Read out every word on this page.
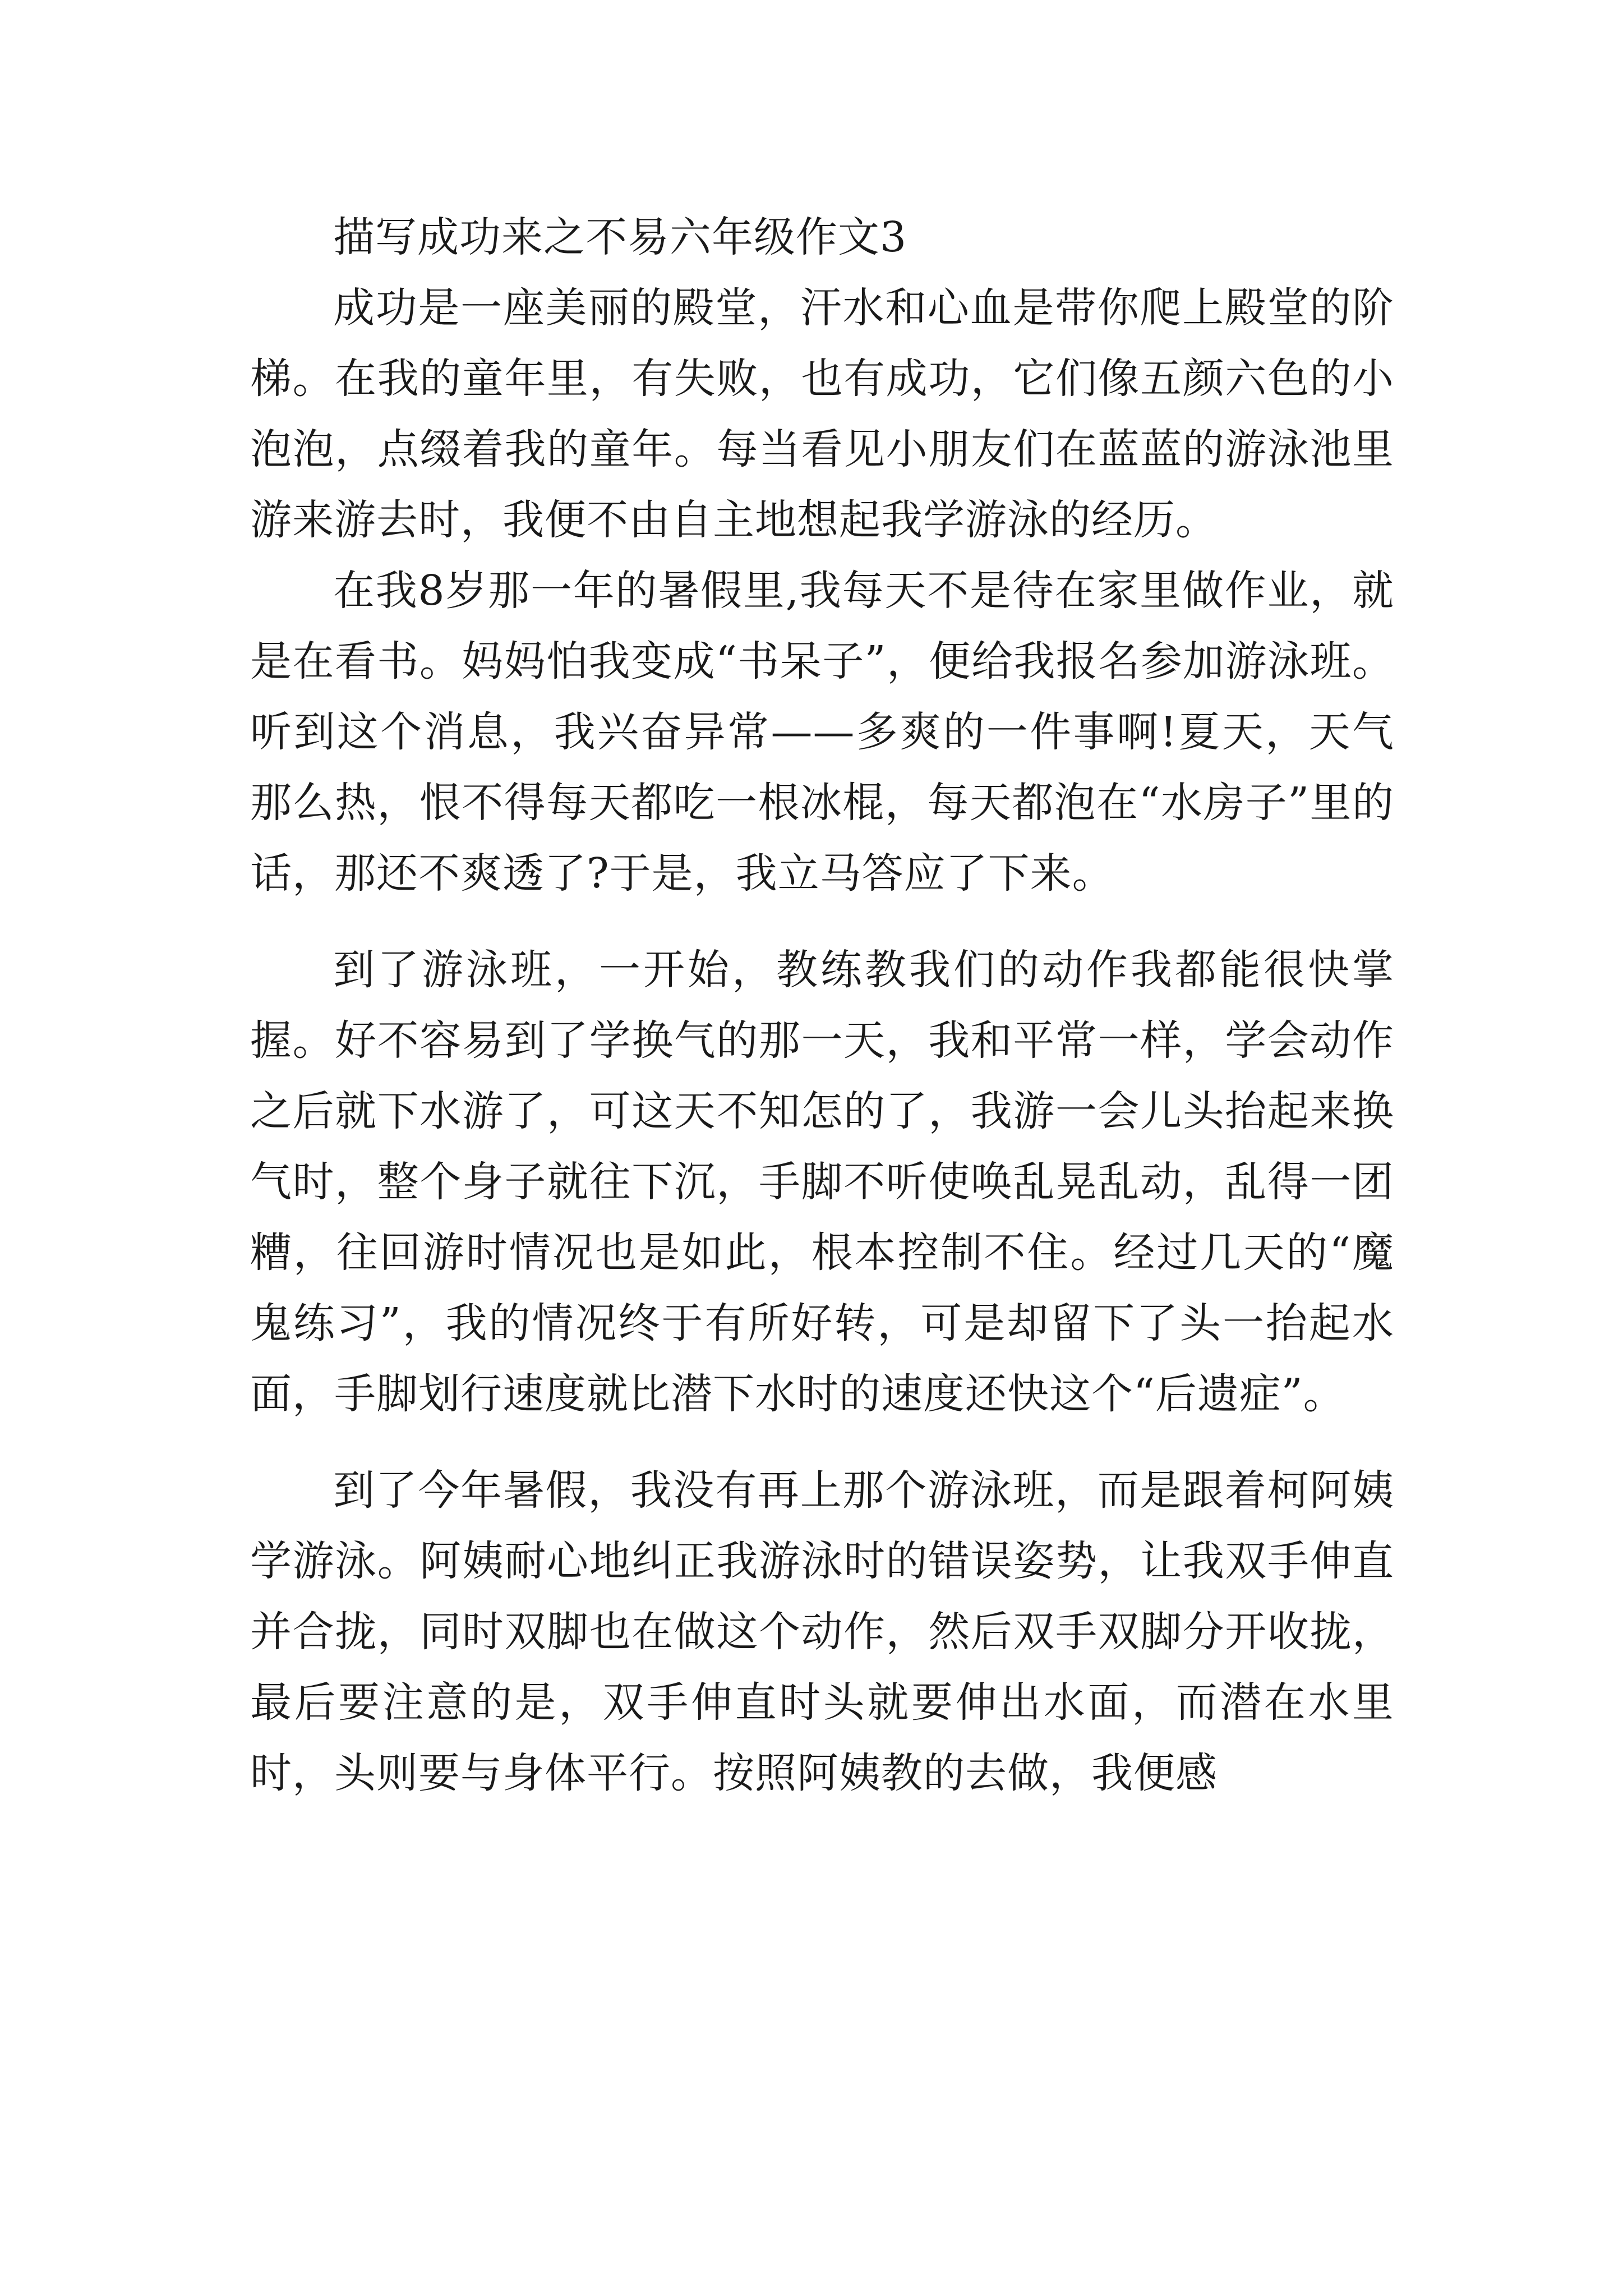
描写成功来之不易六年级作文3

成功是一座美丽的殿堂，汗水和心血是带你爬上殿堂的阶梯。在我的童年里，有失败，也有成功，它们像五颜六色的小泡泡，点缀着我的童年。每当看见小朋友们在蓝蓝的游泳池里游来游去时，我便不由自主地想起我学游泳的经历。

在我8岁那一年的暑假里,我每天不是待在家里做作业，就是在看书。妈妈怕我变成“书呆子”，便给我报名参加游泳班。听到这个消息，我兴奋异常——多爽的一件事啊!夏天，天气那么热，恨不得每天都吃一根冰棍，每天都泡在“水房子”里的话，那还不爽透了?于是，我立马答应了下来。

到了游泳班，一开始，教练教我们的动作我都能很快掌握。好不容易到了学换气的那一天，我和平常一样，学会动作之后就下水游了，可这天不知怎的了，我游一会儿头抬起来换气时，整个身子就往下沉，手脚不听使唤乱晃乱动，乱得一团糟，往回游时情况也是如此，根本控制不住。经过几天的“魔鬼练习”，我的情况终于有所好转，可是却留下了头一抬起水面，手脚划行速度就比潜下水时的速度还快这个“后遗症”。

到了今年暑假，我没有再上那个游泳班，而是跟着柯阿姨学游泳。阿姨耐心地纠正我游泳时的错误姿势，让我双手伸直并合拢，同时双脚也在做这个动作，然后双手双脚分开收拢，最后要注意的是，双手伸直时头就要伸出水面，而潜在水里时，头则要与身体平行。按照阿姨教的去做，我便感
